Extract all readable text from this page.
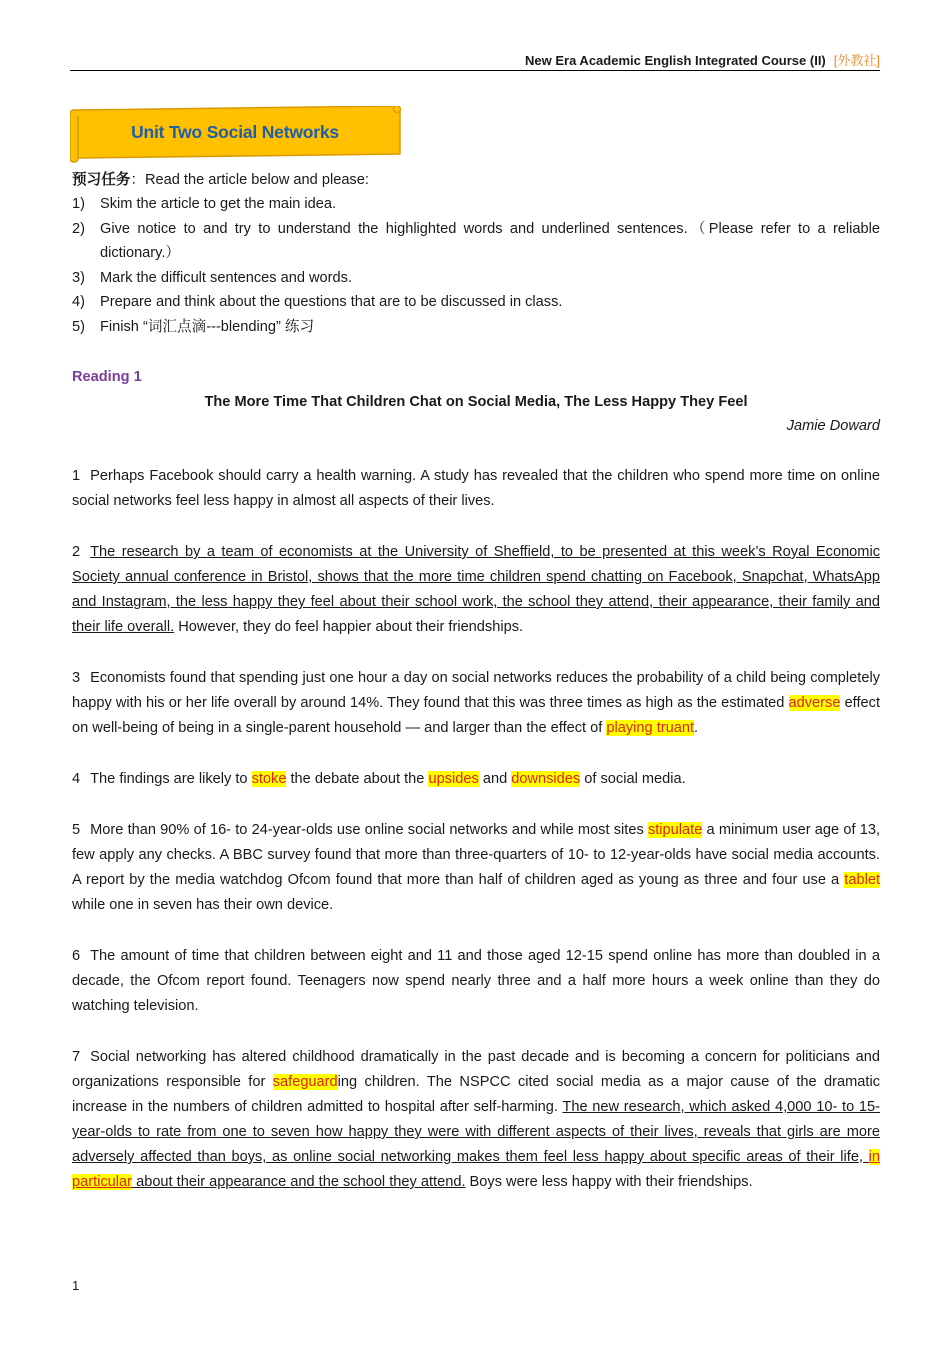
New Era Academic English Integrated Course (II) [外教社]
Unit Two Social Networks

预习任务：Read the article below and please:

1)	Skim the article to get the main idea.
2)	Give notice to and try to understand the highlighted words and underlined sentences.（Please refer to a reliable dictionary.）
3)	Mark the difficult sentences and words.
4)	Prepare and think about the questions that are to be discussed in class.
5)	Finish “词汇点滴---blending” 练习
Reading 1
The More Time That Children Chat on Social Media, The Less Happy They Feel
Jamie Doward

1 Perhaps Facebook should carry a health warning. A study has revealed that the children who spend more time on online social networks feel less happy in almost all aspects of their lives.

2 The research by a team of economists at the University of Sheffield, to be presented at this week’s Royal Economic Society annual conference in Bristol, shows that the more time children spend chatting on Facebook, Snapchat, WhatsApp and Instagram, the less happy they feel about their school work, the school they attend, their appearance, their family and their life overall. However, they do feel happier about their friendships.

3 Economists found that spending just one hour a day on social networks reduces the probability of a child being completely happy with his or her life overall by around 14%. They found that this was three times as high as the estimated adverse effect on well-being of being in a single-parent household — and larger than the effect of playing truant.

4 The findings are likely to stoke the debate about the upsides and downsides of social media.

5 More than 90% of 16- to 24-year-olds use online social networks and while most sites stipulate a minimum user age of 13, few apply any checks. A BBC survey found that more than three-quarters of 10- to 12-year-olds have social media accounts. A report by the media watchdog Ofcom found that more than half of children aged as young as three and four use a tablet while one in seven has their own device.

6 The amount of time that children between eight and 11 and those aged 12-15 spend online has more than doubled in a decade, the Ofcom report found. Teenagers now spend nearly three and a half more hours a week online than they do watching television.

7 Social networking has altered childhood dramatically in the past decade and is becoming a concern for politicians and organizations responsible for safeguarding children. The NSPCC cited social media as a major cause of the dramatic increase in the numbers of children admitted to hospital after self-harming. The new research, which asked 4,000 10- to 15-year-olds to rate from one to seven how happy they were with different aspects of their lives, reveals that girls are more adversely affected than boys, as online social networking makes them feel less happy about specific areas of their life, in particular about their appearance and the school they attend. Boys were less happy with their friendships.

1
